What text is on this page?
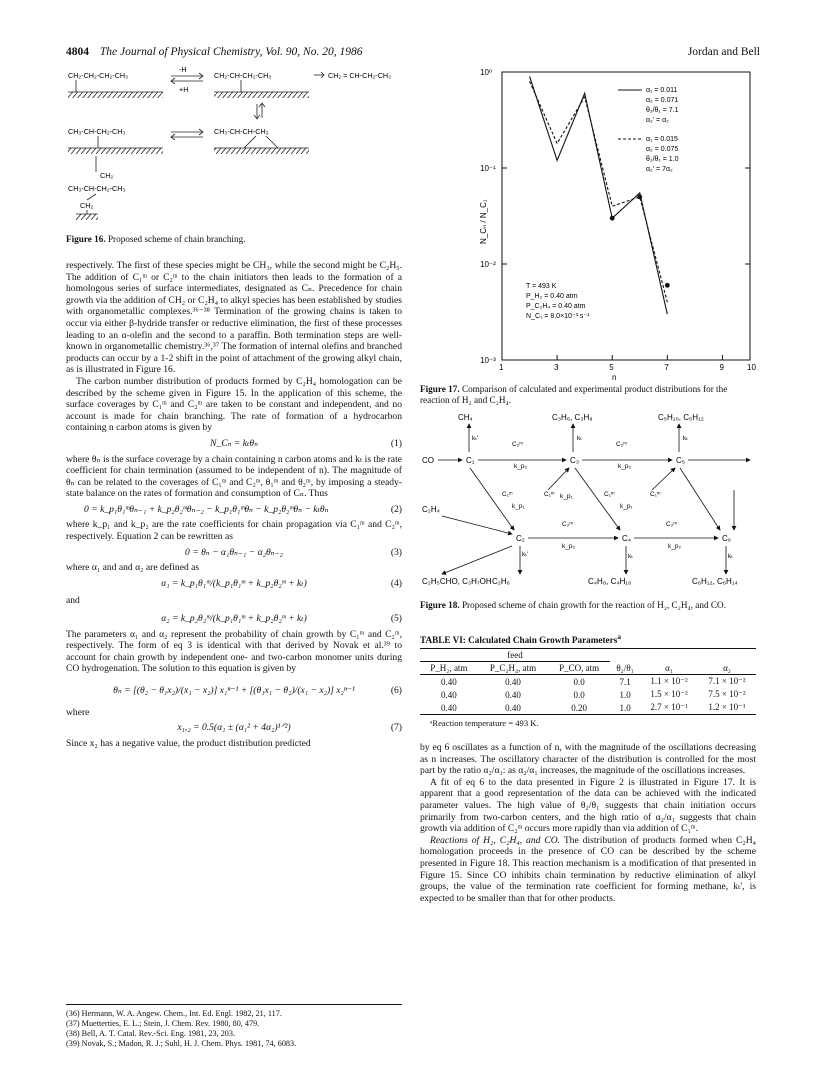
4804 The Journal of Physical Chemistry, Vol. 90, No. 20, 1986	Jordan and Bell
CH₂-CH₂-CH₂-CH₃	CH₂-CH-CH₂-CH₃	CH₂ = CH-CH₂-CH₃
CH₃-CH-CH₂-CH₃	CH₃-CH-CH-CH₃
CH₂
CH₃-CH-CH₂-CH₃
CH₂
-H
+H
Figure 16. Proposed scheme of chain branching.

respectively. The first of these species might be CH₃, while the second might be C₂H₅. The addition of C₁ᵐ or C₂ᵐ to the chain initiators then leads to the formation of a homologous series of surface intermediates, designated as Cₙ. Precedence for chain growth via the addition of CH₂ or C₂H₄ to alkyl species has been established by studies with organometallic complexes.³⁶⁻³⁸ Termination of the growing chains is taken to occur via either β-hydride transfer or reductive elimination, the first of these processes leading to an α-olefin and the second to a paraffin. Both termination steps are well-known in organometallic chemistry.³⁶,³⁷ The formation of internal olefins and branched products can occur by a 1-2 shift in the point of attachment of the growing alkyl chain, as is illustrated in Figure 16.

The carbon number distribution of products formed by C₂H₄ homologation can be described by the scheme given in Figure 15. In the application of this scheme, the surface coverages by C₁ᵐ and C₂ᵐ are taken to be constant and independent, and no account is made for chain branching. The rate of formation of a hydrocarbon containing n carbon atoms is given by

N_Cₙ = kₜθₙ	(1)

where θₙ is the surface coverage by a chain containing n carbon atoms and kₜ is the rate coefficient for chain termination (assumed to be independent of n). The magnitude of θₙ can be related to the coverages of C₁ᵐ and C₂ᵐ, θ₁ᵐ and θ₂ᵐ, by imposing a steady-state balance on the rates of formation and consumption of Cₙ. Thus

0 = k_p₁θ₁ᵐθₙ₋₁ + k_p₂θ₂ᵐθₙ₋₂ − k_p₁θ₁ᵐθₙ − k_p₂θ₂ᵐθₙ − kₜθₙ	(2)

where k_p₁ and k_p₂ are the rate coefficients for chain propagation via C₁ᵐ and C₂ᵐ, respectively. Equation 2 can be rewritten as

0 = θₙ − α₁θₙ₋₁ − α₂θₙ₋₂	(3)

where α₁ and and α₂ are defined as

α₁ = k_p₁θ₁ᵐ/(k_p₁θ₁ᵐ + k_p₂θ₂ᵐ + kₜ)	(4)

and

α₂ = k_p₂θ₂ᵐ/(k_p₁θ₁ᵐ + k_p₂θ₂ᵐ + kₜ)	(5)

The parameters α₁ and α₂ represent the probability of chain growth by C₁ᵐ and C₂ᵐ, respectively. The form of eq 3 is identical with that derived by Novak et al.³⁹ to account for chain growth by independent one- and two-carbon monomer units during CO hydrogenation. The solution to this equation is given by

θₙ = [(θ₂ − θ₁x₂)/(x₁ − x₂)] x₁ⁿ⁻¹ + [(θ₁x₁ − θ₂)/(x₁ − x₂)] x₂ⁿ⁻¹	(6)

where

x₁,₂ = 0.5(α₁ ± (α₁² + 4α₂)¹ᐟ²)	(7)

Since x₂ has a negative value, the product distribution predicted

(36) Hermann, W. A. Angew. Chem., Int. Ed. Engl. 1982, 21, 117.
(37) Muetterties, E. L.; Stein, J. Chem. Rev. 1980, 80, 479.
(38) Bell, A. T. Catal. Rev.-Sci. Eng. 1981, 23, 203.
(39) Novak, S.; Madon, R. J.; Suhl, H. J. Chem. Phys. 1981, 74, 6083.
1	3	5	7	9	10
10⁰
10⁻¹
10⁻²
10⁻³
N_Cₙ / N_C₁
n
α₁ = 0.011
α₂ = 0.071
θ₂/θ₁ = 7.1
α₂' = α₂
α₁ = 0.015
α₂ = 0.075
θ₂/θ₁ = 1.0
α₂' = 7α₂
T = 493 K
P_H₂ = 0.40 atm
P_C₂H₄ = 0.40 atm
N_C₁ = 8.0×10⁻³ s⁻¹
Figure 17. Comparison of calculated and experimental product distributions for the reaction of H₂ and C₂H₄.
CH₄	C₃H₆, C₃H₈	C₅H₁₀, C₅H₁₂
CO
C₂H₄
C₁	C₃	C₅
C₂	C₄	C₆
C₂H₅CHO, C₃H₇OH C₂H₆	C₄H₈, C₄H₁₀	C₆H₁₂, C₆H₁₄
C₂ᵐ	C₂ᵐ
k_p₂	k_p₂
C₁ᵐ	C₁ᵐ	C₁ᵐ	C₁ᵐ
k_p₁
k_p₁
k_p₁
C₂ᵐ	C₂ᵐ
k_p₂	k_p₂
kₜ	kₜ
kₜ'
kₜ'	kₜ	kₜ
Figure 18. Proposed scheme of chain growth for the reaction of H₂, C₂H₄, and CO.
TABLE VI: Calculated Chain Growth Parameters$^a$
feed					
P_H₂, atm	P_C₂H₄, atm	P_CO, atm	θ₂/θ₁	α₁	α₂
0.40	0.40	0.0	7.1	1.1 × 10⁻²	7.1 × 10⁻²
0.40	0.40	0.0	1.0	1.5 × 10⁻²	7.5 × 10⁻²
0.40	0.40	0.20	1.0	2.7 × 10⁻¹	1.2 × 10⁻¹
ᵃReaction temperature = 493 K.

by eq 6 oscillates as a function of n, with the magnitude of the oscillations decreasing as n increases. The oscillatory character of the distribution is controlled for the most part by the ratio α₂/α₁: as α₂/α₁ increases, the magnitude of the oscillations increases.

A fit of eq 6 to the data presented in Figure 2 is illustrated in Figure 17. It is apparent that a good representation of the data can be achieved with the indicated parameter values. The high value of θ₂/θ₁ suggests that chain initiation occurs primarily from two-carbon centers, and the high ratio of α₂/α₁ suggests that chain growth via addition of C₂ᵐ occurs more rapidly than via addition of C₁ᵐ.

Reactions of H₂, C₂H₄, and CO. The distribution of products formed when C₂H₄ homologation proceeds in the presence of CO can be described by the scheme presented in Figure 18. This reaction mechanism is a modification of that presented in Figure 15. Since CO inhibits chain termination by reductive elimination of alkyl groups, the value of the termination rate coefficient for forming methane, kₜ', is expected to be smaller than that for other products.
